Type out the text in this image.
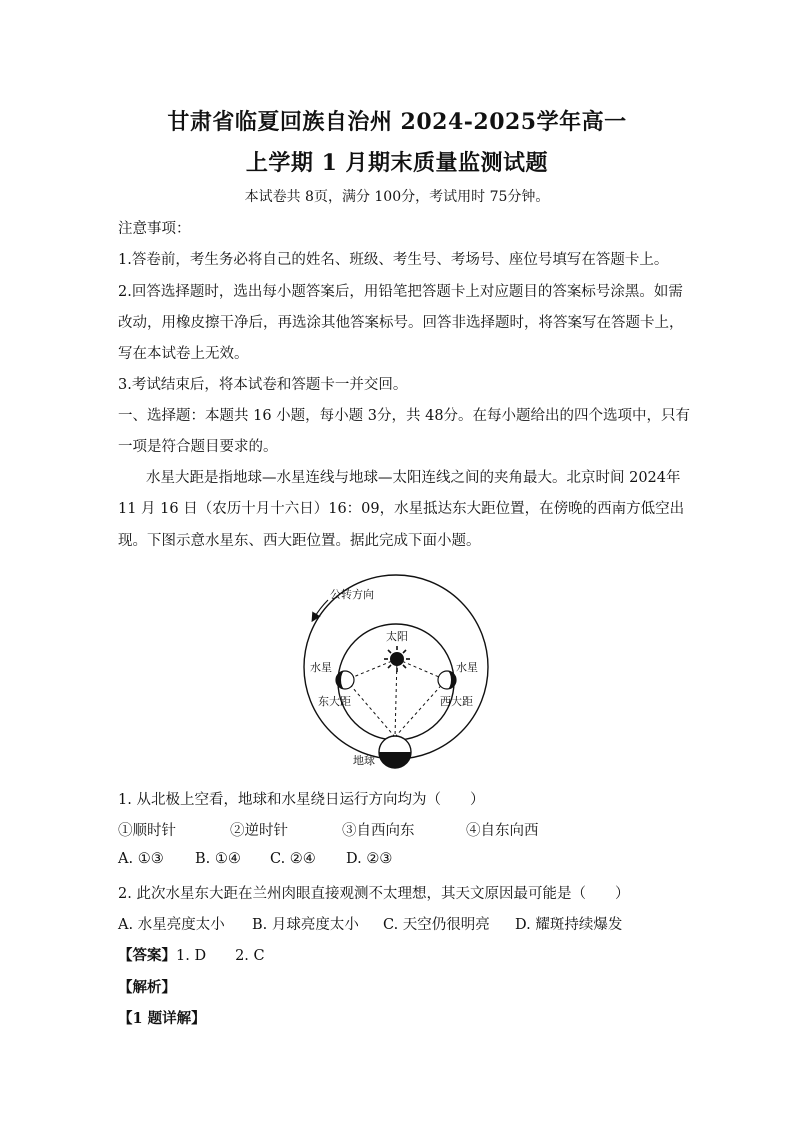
甘肃省临夏回族自治州 2024-2025学年高一
上学期 1 月期末质量监测试题
本试卷共 8页，满分 100分，考试用时 75分钟。
注意事项：
1.答卷前，考生务必将自己的姓名、班级、考生号、考场号、座位号填写在答题卡上。
2.回答选择题时，选出每小题答案后，用铅笔把答题卡上对应题目的答案标号涂黑。如需
改动，用橡皮擦干净后，再选涂其他答案标号。回答非选择题时，将答案写在答题卡上，
写在本试卷上无效。
3.考试结束后，将本试卷和答题卡一并交回。
一、选择题：本题共 16 小题，每小题 3分，共 48分。在每小题给出的四个选项中，只有
一项是符合题目要求的。
水星大距是指地球—水星连线与地球—太阳连线之间的夹角最大。北京时间 2024年
11 月 16 日（农历十月十六日）16：09，水星抵达东大距位置，在傍晚的西南方低空出
现。下图示意水星东、西大距位置。据此完成下面小题。
公转方向
太阳
水星
东大距
水星
西大距
地球
1. 从北极上空看，地球和水星绕日运行方向均为（　　）
①顺时针	②逆时针	③自西向东	④自东向西
A. ①③ B. ①④ C. ②④ D. ②③
2. 此次水星东大距在兰州肉眼直接观测不太理想，其天文原因最可能是（　　）
A. 水星亮度太小 B. 月球亮度太小 C. 天空仍很明亮 D. 耀斑持续爆发
【答案】1. D　　2. C
【解析】
【1 题详解】
